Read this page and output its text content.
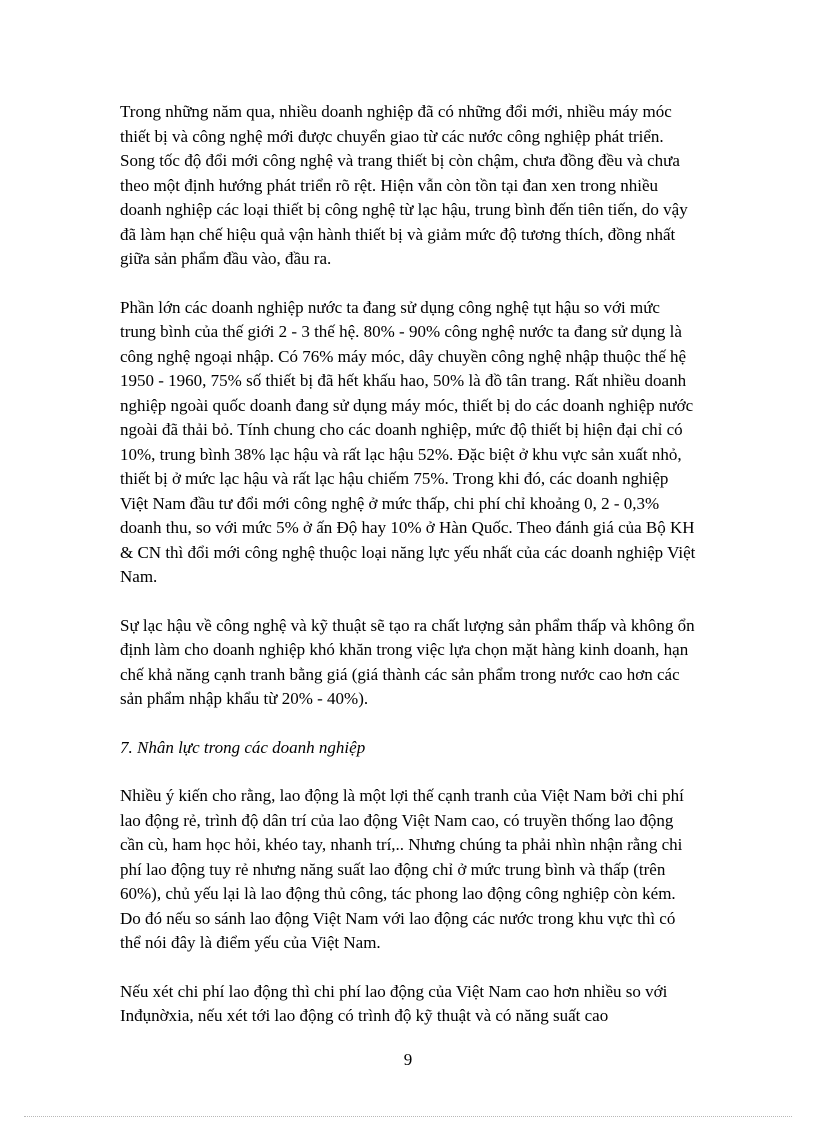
Trong những năm qua, nhiều doanh nghiệp đã có những đổi mới, nhiều máy móc thiết bị và công nghệ mới được chuyển giao từ các nước công nghiệp phát triển. Song tốc độ đổi mới công nghệ và trang thiết bị còn chậm, chưa đồng đều và chưa theo một định hướng phát triển rõ rệt. Hiện vẫn còn tồn tại đan xen trong nhiều doanh nghiệp các loại thiết bị công nghệ từ lạc hậu, trung bình đến tiên tiến, do vậy đã làm hạn chế hiệu quả vận hành thiết bị và giảm mức độ tương thích, đồng nhất giữa sản phẩm đầu vào, đầu ra.

Phần lớn các doanh nghiệp nước ta đang sử dụng công nghệ tụt hậu so với mức trung bình của thế giới 2 - 3 thế hệ. 80% - 90% công nghệ nước ta đang sử dụng là công nghệ ngoại nhập. Có 76% máy móc, dây chuyền công nghệ nhập thuộc thế hệ 1950 - 1960, 75% số thiết bị đã hết khấu hao, 50% là đồ tân trang. Rất nhiều doanh nghiệp ngoài quốc doanh đang sử dụng máy móc, thiết bị do các doanh nghiệp nước ngoài đã thải bỏ. Tính chung cho các doanh nghiệp, mức độ thiết bị hiện đại chỉ có 10%, trung bình 38% lạc hậu và rất lạc hậu 52%. Đặc biệt ở khu vực sản xuất nhỏ, thiết bị ở mức lạc hậu và rất lạc hậu chiếm 75%. Trong khi đó, các doanh nghiệp Việt Nam đầu tư đổi mới công nghệ ở mức thấp, chi phí chỉ khoảng 0, 2 - 0,3% doanh thu, so với mức 5% ở ấn Độ hay 10% ở Hàn Quốc. Theo đánh giá của Bộ KH & CN thì đổi mới công nghệ thuộc loại năng lực yếu nhất của các doanh nghiệp Việt Nam.

Sự lạc hậu về công nghệ và kỹ thuật sẽ tạo ra chất lượng sản phẩm thấp và không ổn định làm cho doanh nghiệp khó khăn trong việc lựa chọn mặt hàng kinh doanh, hạn chế khả năng cạnh tranh bằng giá (giá thành các sản phẩm trong nước cao hơn các sản phẩm nhập khẩu từ 20% - 40%).

7. Nhân lực trong các doanh nghiệp

Nhiều ý kiến cho rằng, lao động là một lợi thế cạnh tranh của Việt Nam bởi chi phí lao động rẻ, trình độ dân trí của lao động Việt Nam cao, có truyền thống lao động cần cù, ham học hỏi, khéo tay, nhanh trí,.. Nhưng chúng ta phải nhìn nhận rằng chi phí lao động tuy rẻ nhưng năng suất lao động chỉ ở mức trung bình và thấp (trên 60%), chủ yếu lại là lao động thủ công, tác phong lao động công nghiệp còn kém. Do đó nếu so sánh lao động Việt Nam với lao động các nước trong khu vực thì có thể nói đây là điểm yếu của Việt Nam.

Nếu xét chi phí lao động thì chi phí lao động của Việt Nam cao hơn nhiều so với Inđụnờxia, nếu xét tới lao động có trình độ kỹ thuật và có năng suất cao

9
